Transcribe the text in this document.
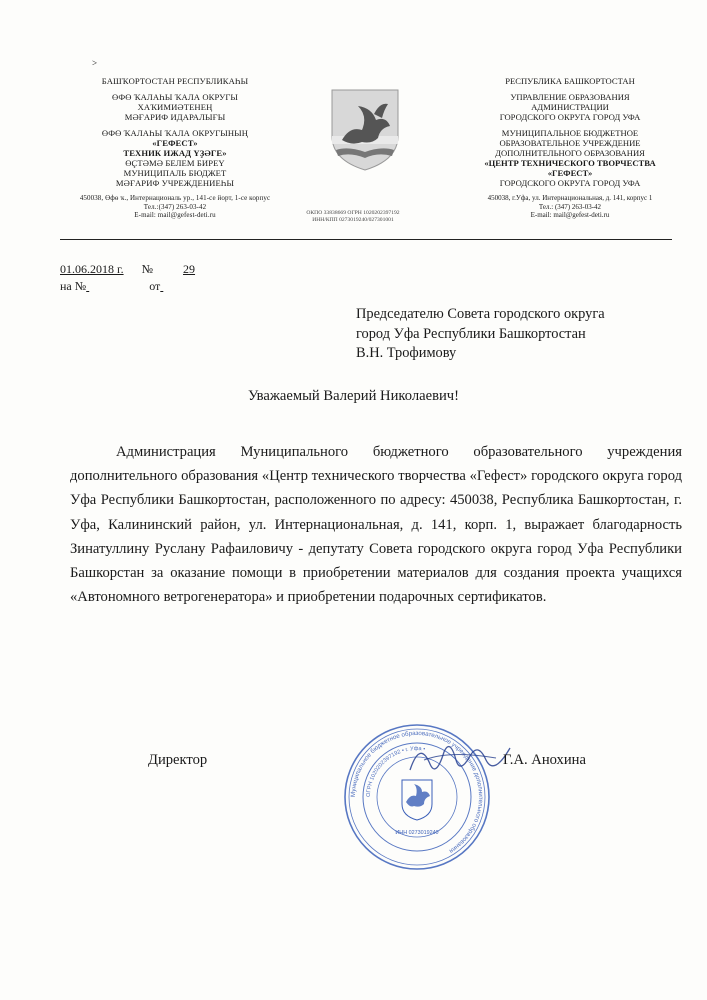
˃
БАШҠОРТОСТАН РЕСПУБЛИКАҺЫ
ӨФӨ ҠАЛАҺЫ ҠАЛА ОКРУГЫ
ХАҠИМИӘТЕНЕҢ
МӘҒАРИФ ИДАРАЛЫҒЫ
ӨФӨ ҠАЛАҺЫ ҠАЛА ОКРУГЫНЫҢ
«ГЕФЕСТ»
ТЕХНИК ИЖАД ҮҘӘГЕ»
ӨҪТӘМӘ БЕЛЕМ БИРЕҮ
МУНИЦИПАЛЬ БЮДЖЕТ
МӘҒАРИФ УЧРЕЖДЕНИЕҺЫ
450038, Өфө ҡ., Интернациональ ур., 141-се йорт, 1-се корпус
Тел.:(347) 263-03-42
E-mail: mail@gefest-deti.ru	ОКПО 33838669 ОГРН 1020202397192
ИНН/КПП 0273019240/027301001
РЕСПУБЛИКА БАШКОРТОСТАН
УПРАВЛЕНИЕ ОБРАЗОВАНИЯ
АДМИНИСТРАЦИИ
ГОРОДСКОГО ОКРУГА ГОРОД УФА
МУНИЦИПАЛЬНОЕ БЮДЖЕТНОЕ
ОБРАЗОВАТЕЛЬНОЕ УЧРЕЖДЕНИЕ
ДОПОЛНИТЕЛЬНОГО ОБРАЗОВАНИЯ
«ЦЕНТР ТЕХНИЧЕСКОГО ТВОРЧЕСТВА
«ГЕФЕСТ»
ГОРОДСКОГО ОКРУГА ГОРОД УФА
450038, г.Уфа, ул. Интернациональная, д. 141, корпус 1
Тел.: (347) 263-03-42
E-mail: mail@gefest-deti.ru
01.06.2018 г. №	29
на №	от
Председателю Совета городского округа
город Уфа Республики Башкортостан
В.Н. Трофимову
Уважаемый Валерий Николаевич!
Администрация Муниципального бюджетного образовательного учреждения дополнительного образования «Центр технического творчества «Гефест» городского округа город Уфа Республики Башкортостан, расположенного по адресу: 450038, Республика Башкортостан, г. Уфа, Калининский район, ул. Интернациональная, д. 141, корп. 1, выражает благодарность Зинатуллину Руслану Рафаиловичу - депутату Совета городского округа город Уфа Республики Башкорстан за оказание помощи в приобретении материалов для создания проекта учащихся «Автономного ветрогенератора» и приобретении подарочных сертификатов.
Директор
Муниципальное бюджетное образовательное учреждение дополнительного образования
ОГРН 1020202397192 • г. Уфа •
ИНН 0273019240
Г.А. Анохина
